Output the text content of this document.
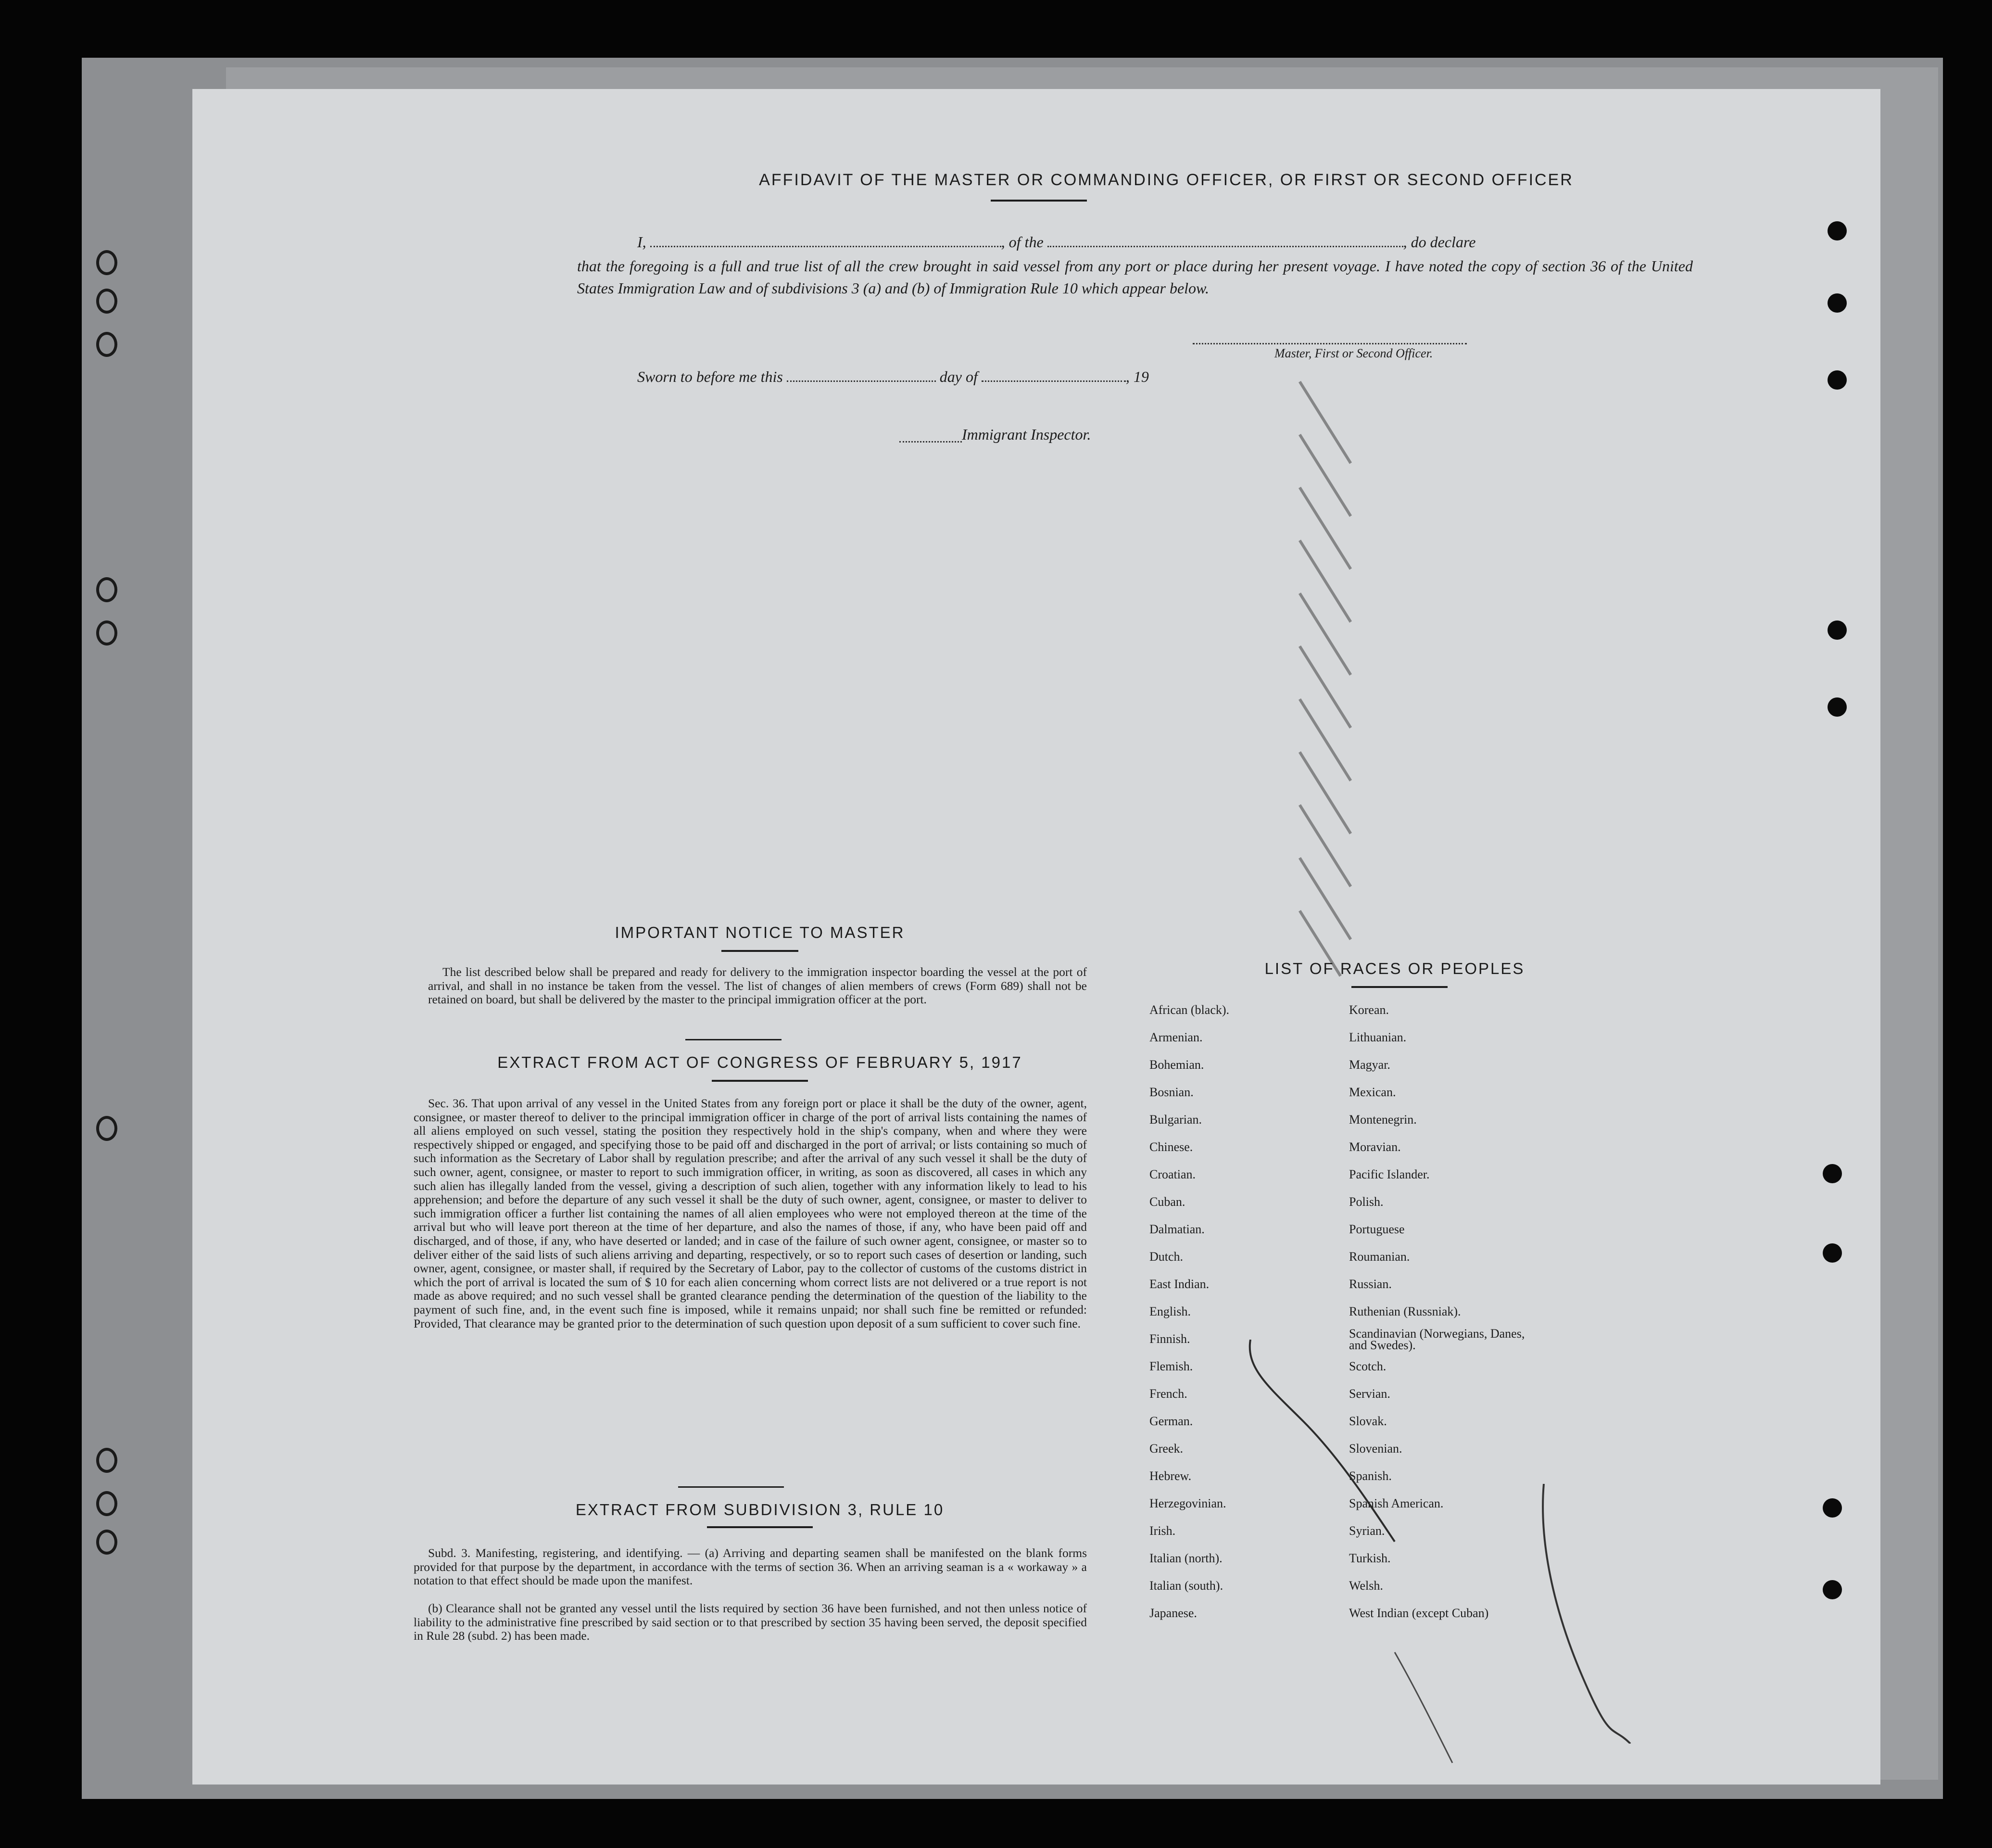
AFFIDAVIT OF THE MASTER OR COMMANDING OFFICER, OR FIRST OR SECOND OFFICER
I,	, of the	, do declare
that the foregoing is a full and true list of all the crew brought in said vessel from any port or place during her present voyage. I have noted the copy of section 36 of the United States Immigration Law and of subdivisions 3 (a) and (b) of Immigration Rule 10 which appear below.
Master, First or Second Officer.
Sworn to before me this	day of	, 19
Immigrant Inspector.
IMPORTANT NOTICE TO MASTER
The list described below shall be prepared and ready for delivery to the immigration inspector boarding the vessel at the port of arrival, and shall in no instance be taken from the vessel. The list of changes of alien members of crews (Form 689) shall not be retained on board, but shall be delivered by the master to the principal immigration officer at the port.
EXTRACT FROM ACT OF CONGRESS OF FEBRUARY 5, 1917
Sec. 36. That upon arrival of any vessel in the United States from any foreign port or place it shall be the duty of the owner, agent, consignee, or master thereof to deliver to the principal immigration officer in charge of the port of arrival lists containing the names of all aliens employed on such vessel, stating the position they respectively hold in the ship's company, when and where they were respectively shipped or engaged, and specifying those to be paid off and discharged in the port of arrival; or lists containing so much of such information as the Secretary of Labor shall by regulation prescribe; and after the arrival of any such vessel it shall be the duty of such owner, agent, consignee, or master to report to such immigration officer, in writing, as soon as discovered, all cases in which any such alien has illegally landed from the vessel, giving a description of such alien, together with any information likely to lead to his apprehension; and before the departure of any such vessel it shall be the duty of such owner, agent, consignee, or master to deliver to such immigration officer a further list containing the names of all alien employees who were not employed thereon at the time of the arrival but who will leave port thereon at the time of her departure, and also the names of those, if any, who have been paid off and discharged, and of those, if any, who have deserted or landed; and in case of the failure of such owner agent, consignee, or master so to deliver either of the said lists of such aliens arriving and departing, respectively, or so to report such cases of desertion or landing, such owner, agent, consignee, or master shall, if required by the Secretary of Labor, pay to the collector of customs of the customs district in which the port of arrival is located the sum of $ 10 for each alien concerning whom correct lists are not delivered or a true report is not made as above required; and no such vessel shall be granted clearance pending the determination of the question of the liability to the payment of such fine, and, in the event such fine is imposed, while it remains unpaid; nor shall such fine be remitted or refunded: Provided, That clearance may be granted prior to the determination of such question upon deposit of a sum sufficient to cover such fine.
EXTRACT FROM SUBDIVISION 3, RULE 10
Subd. 3. Manifesting, registering, and identifying. — (a) Arriving and departing seamen shall be manifested on the blank forms provided for that purpose by the department, in accordance with the terms of section 36. When an arriving seaman is a « workaway » a notation to that effect should be made upon the manifest.
(b) Clearance shall not be granted any vessel until the lists required by section 36 have been furnished, and not then unless notice of liability to the administrative fine prescribed by said section or to that prescribed by section 35 having been served, the deposit specified in Rule 28 (subd. 2) has been made.
LIST OF RACES OR PEOPLES
African (black).
Armenian.
Bohemian.
Bosnian.
Bulgarian.
Chinese.
Croatian.
Cuban.
Dalmatian.
Dutch.
East Indian.
English.
Finnish.
Flemish.
French.
German.
Greek.
Hebrew.
Herzegovinian.
Irish.
Italian (north).
Italian (south).
Japanese.
Korean.
Lithuanian.
Magyar.
Mexican.
Montenegrin.
Moravian.
Pacific Islander.
Polish.
Portuguese
Roumanian.
Russian.
Ruthenian (Russniak).
Scandinavian (Norwegians, Danes, and Swedes).
Scotch.
Servian.
Slovak.
Slovenian.
Spanish.
Spanish American.
Syrian.
Turkish.
Welsh.
West Indian (except Cuban)
